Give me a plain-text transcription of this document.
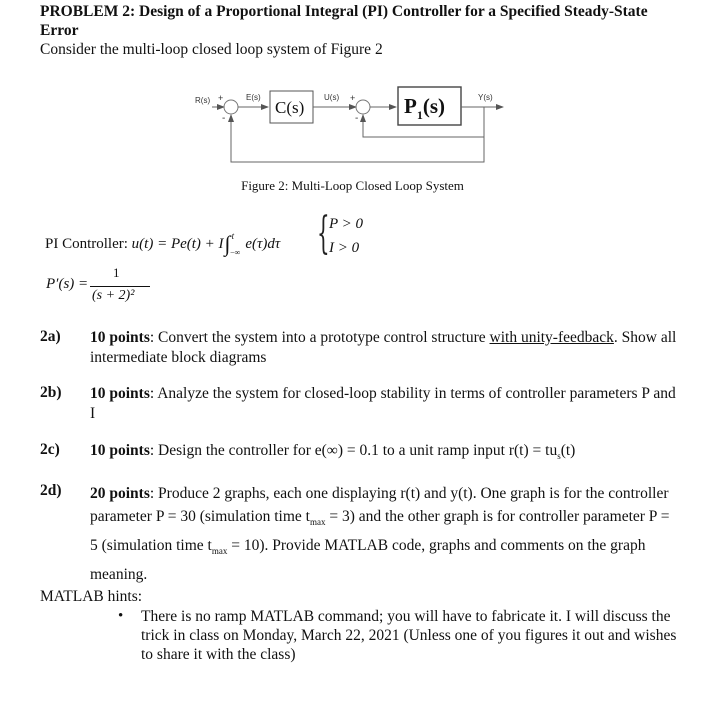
PROBLEM 2: Design of a Proportional Integral (PI) Controller for a Specified Steady-State Error
Consider the multi-loop closed loop system of Figure 2
R(s) +
-
E(s)
C(s)
U(s) +
-
$P_1(s)$	Y(s)
Figure 2: Multi-Loop Closed Loop System
PI Controller: u(t) = Pe(t) + I∫$^t_{-\infty}$e(τ)dτ { P > 0
I > 0
P′(s) =
1
(s + 2)²
2a) 10 points: Convert the system into a prototype control structure with unity-feedback. Show all intermediate block diagrams
2b) 10 points: Analyze the system for closed-loop stability in terms of controller parameters P and I
2c) 10 points: Design the controller for e(∞) = 0.1 to a unit ramp input $r(t) = tu_s(t)$
2d) 20 points: Produce 2 graphs, each one displaying r(t) and y(t). One graph is for the controller parameter P = 30 (simulation time $t_{max} = 3$) and the other graph is for controller parameter P = 5 (simulation time $t_{max} = 10$). Provide MATLAB code, graphs and comments on the graph meaning.
MATLAB hints:
• There is no ramp MATLAB command; you will have to fabricate it. I will discuss the trick in class on Monday, March 22, 2021 (Unless one of you figures it out and wishes to share it with the class)
